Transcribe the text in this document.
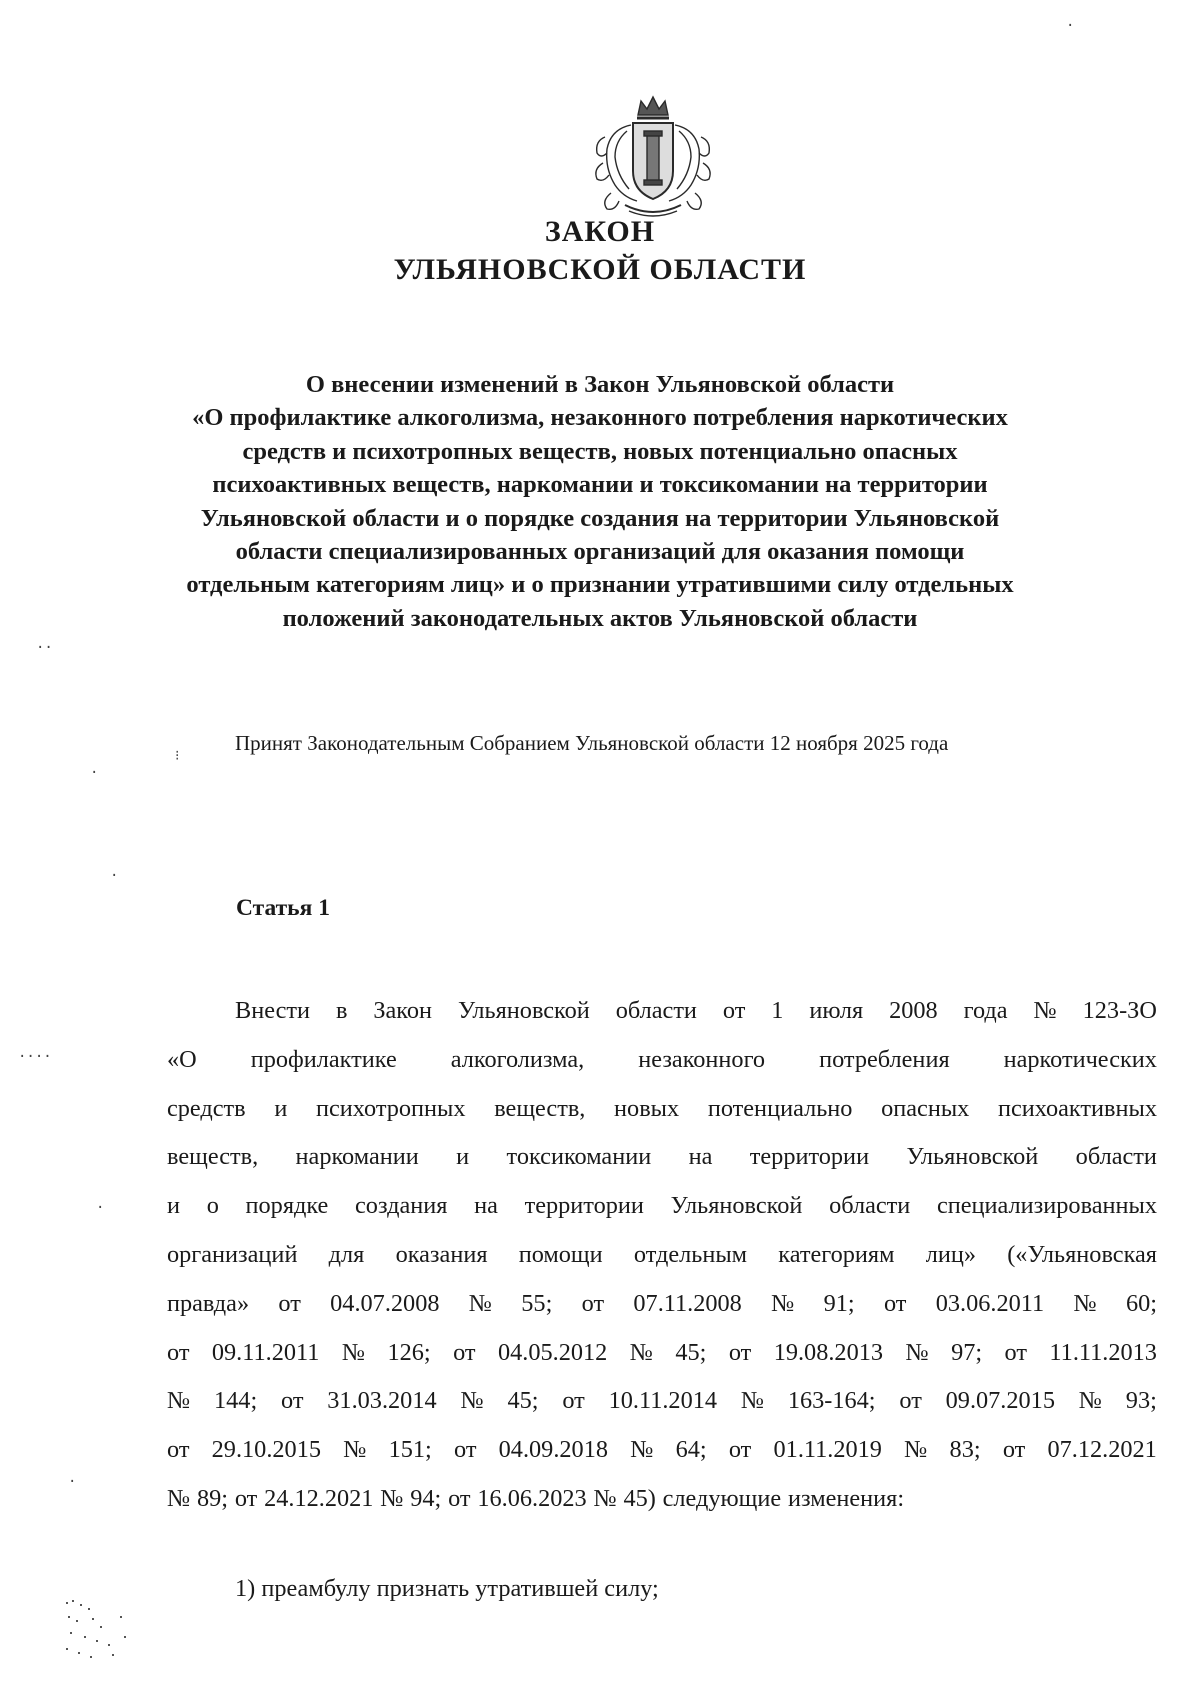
ЗАКОН
УЛЬЯНОВСКОЙ ОБЛАСТИ
О внесении изменений в Закон Ульяновской области
«О профилактике алкоголизма, незаконного потребления наркотических
средств и психотропных веществ, новых потенциально опасных
психоактивных веществ, наркомании и токсикомании на территории
Ульяновской области и о порядке создания на территории Ульяновской
области специализированных организаций для оказания помощи
отдельным категориям лиц» и о признании утратившими силу отдельных
положений законодательных актов Ульяновской области
Принят Законодательным Собранием Ульяновской области 12 ноября 2025 года
Статья 1
Внести в Закон Ульяновской области от 1 июля 2008 года № 123-ЗО
«О профилактике алкоголизма, незаконного потребления наркотических
средств и психотропных веществ, новых потенциально опасных психоактивных
веществ, наркомании и токсикомании на территории Ульяновской области
и о порядке создания на территории Ульяновской области специализированных
организаций для оказания помощи отдельным категориям лиц» («Ульяновская
правда» от 04.07.2008 № 55; от 07.11.2008 № 91; от 03.06.2011 № 60;
от 09.11.2011 № 126; от 04.05.2012 № 45; от 19.08.2013 № 97; от 11.11.2013
№ 144; от 31.03.2014 № 45; от 10.11.2014 № 163-164; от 09.07.2015 № 93;
от 29.10.2015 № 151; от 04.09.2018 № 64; от 01.11.2019 № 83; от 07.12.2021
№ 89; от 24.12.2021 № 94; от 16.06.2023 № 45) следующие изменения:
1) преамбулу признать утратившей силу;
·
··
⁝
·
·
····
·
·
